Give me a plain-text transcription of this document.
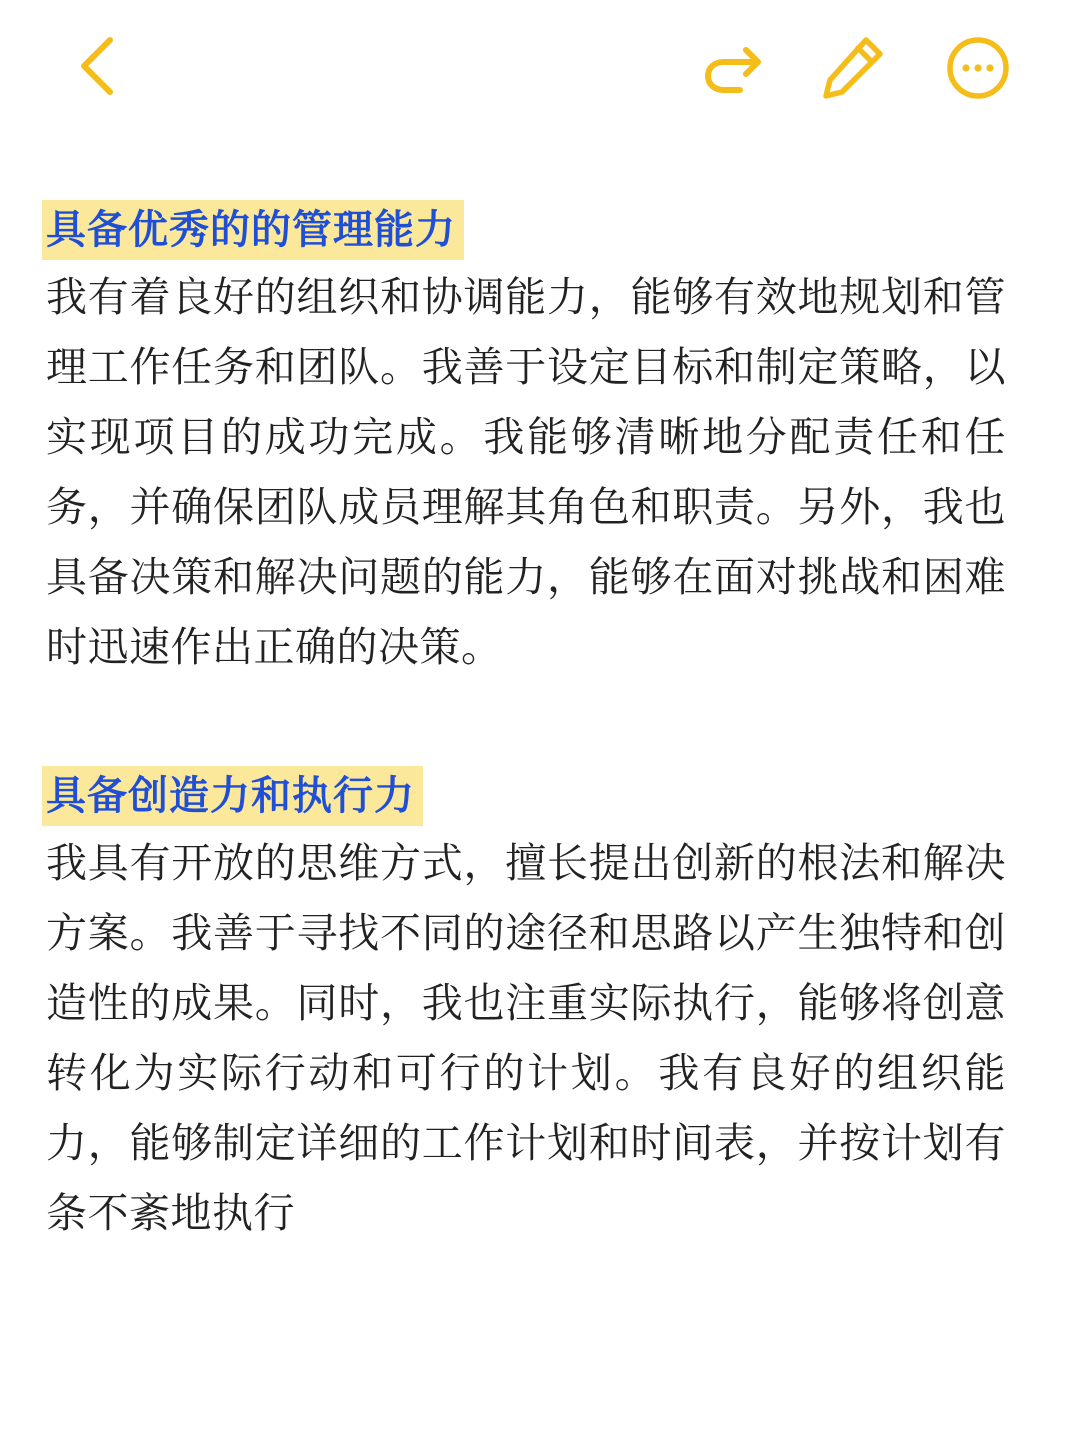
具备优秀的的管理能力

我有着良好的组织和协调能力，能够有效地规划和管理工作任务和团队。我善于设定目标和制定策略，以实现项目的成功完成。我能够清晰地分配责任和任务，并确保团队成员理解其角色和职责。另外，我也具备决策和解决问题的能力，能够在面对挑战和困难时迅速作出正确的决策。

具备创造力和执行力

我具有开放的思维方式，擅长提出创新的根法和解决方案。我善于寻找不同的途径和思路以产生独特和创造性的成果。同时，我也注重实际执行，能够将创意转化为实际行动和可行的计划。我有良好的组织能力，能够制定详细的工作计划和时间表，并按计划有条不紊地执行
